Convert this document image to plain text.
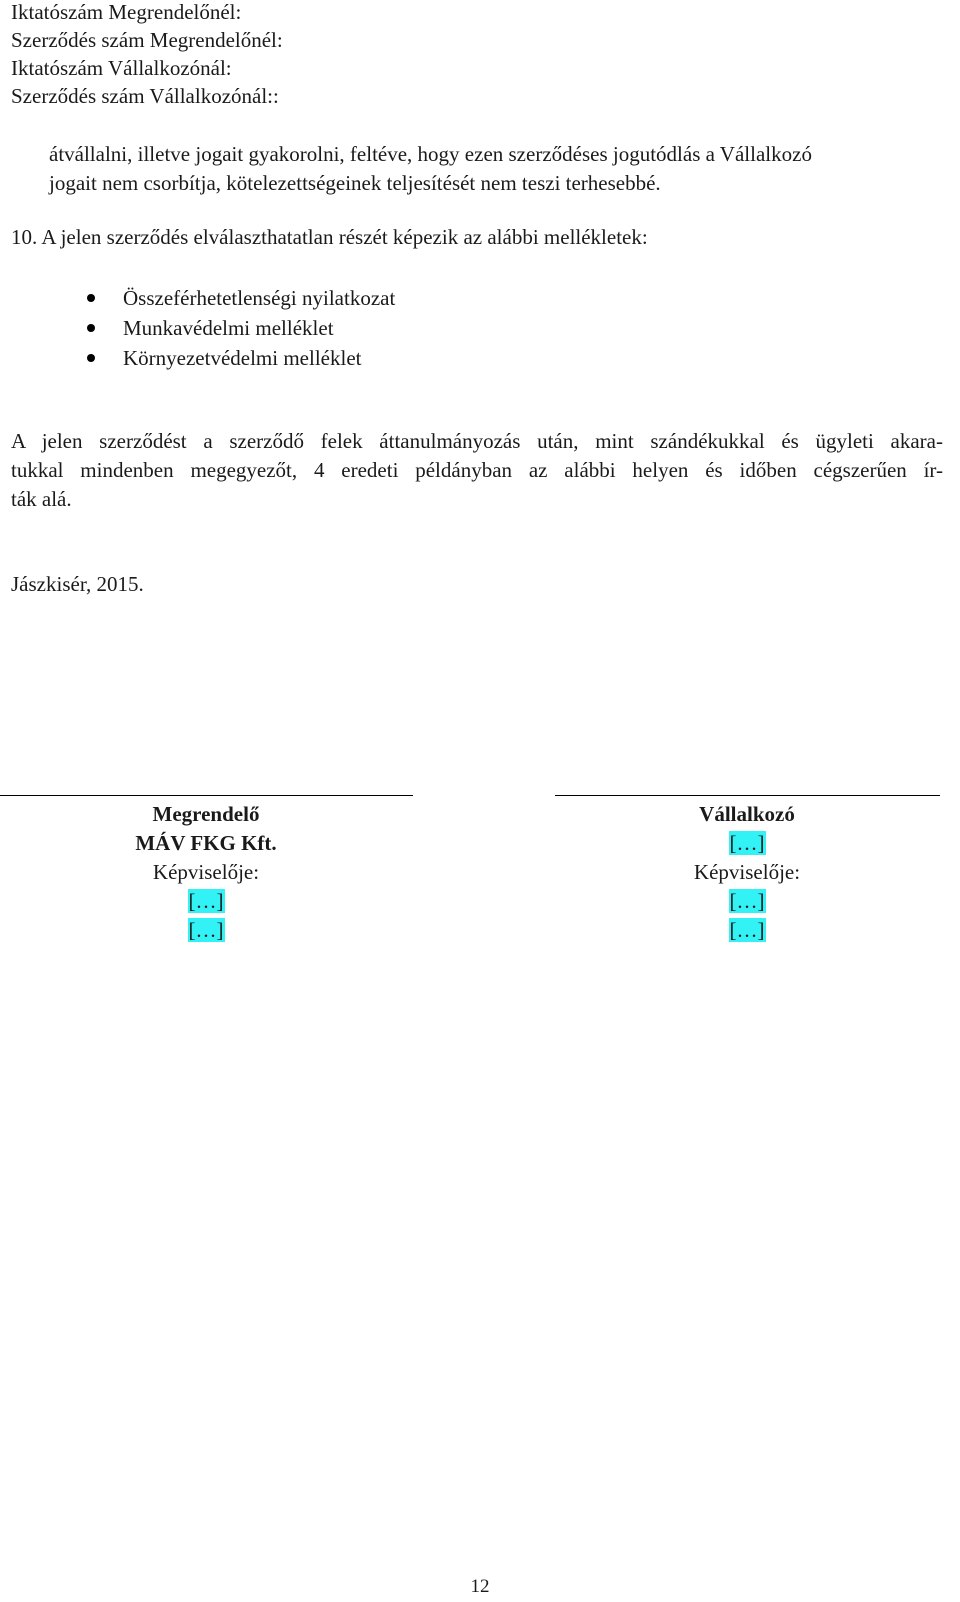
Iktatószám Megrendelőnél:
Szerződés szám Megrendelőnél:
Iktatószám Vállalkozónál:
Szerződés szám Vállalkozónál::
átvállalni, illetve jogait gyakorolni, feltéve, hogy ezen szerződéses jogutódlás a Vállalkozó
jogait nem csorbítja, kötelezettségeinek teljesítését nem teszi terhesebbé.
10. A jelen szerződés elválaszthatatlan részét képezik az alábbi mellékletek:
Összeférhetetlenségi nyilatkozat
Munkavédelmi melléklet
Környezetvédelmi melléklet
A jelen szerződést a szerződő felek áttanulmányozás után, mint szándékukkal és ügyleti akara-
tukkal mindenben megegyezőt, 4 eredeti példányban az alábbi helyen és időben cégszerűen ír-
ták alá.
Jászkisér, 2015.
Megrendelő
MÁV FKG Kft.
Képviselője:
[…]
[…]
Vállalkozó
[…]
Képviselője:
[…]
[…]
12
